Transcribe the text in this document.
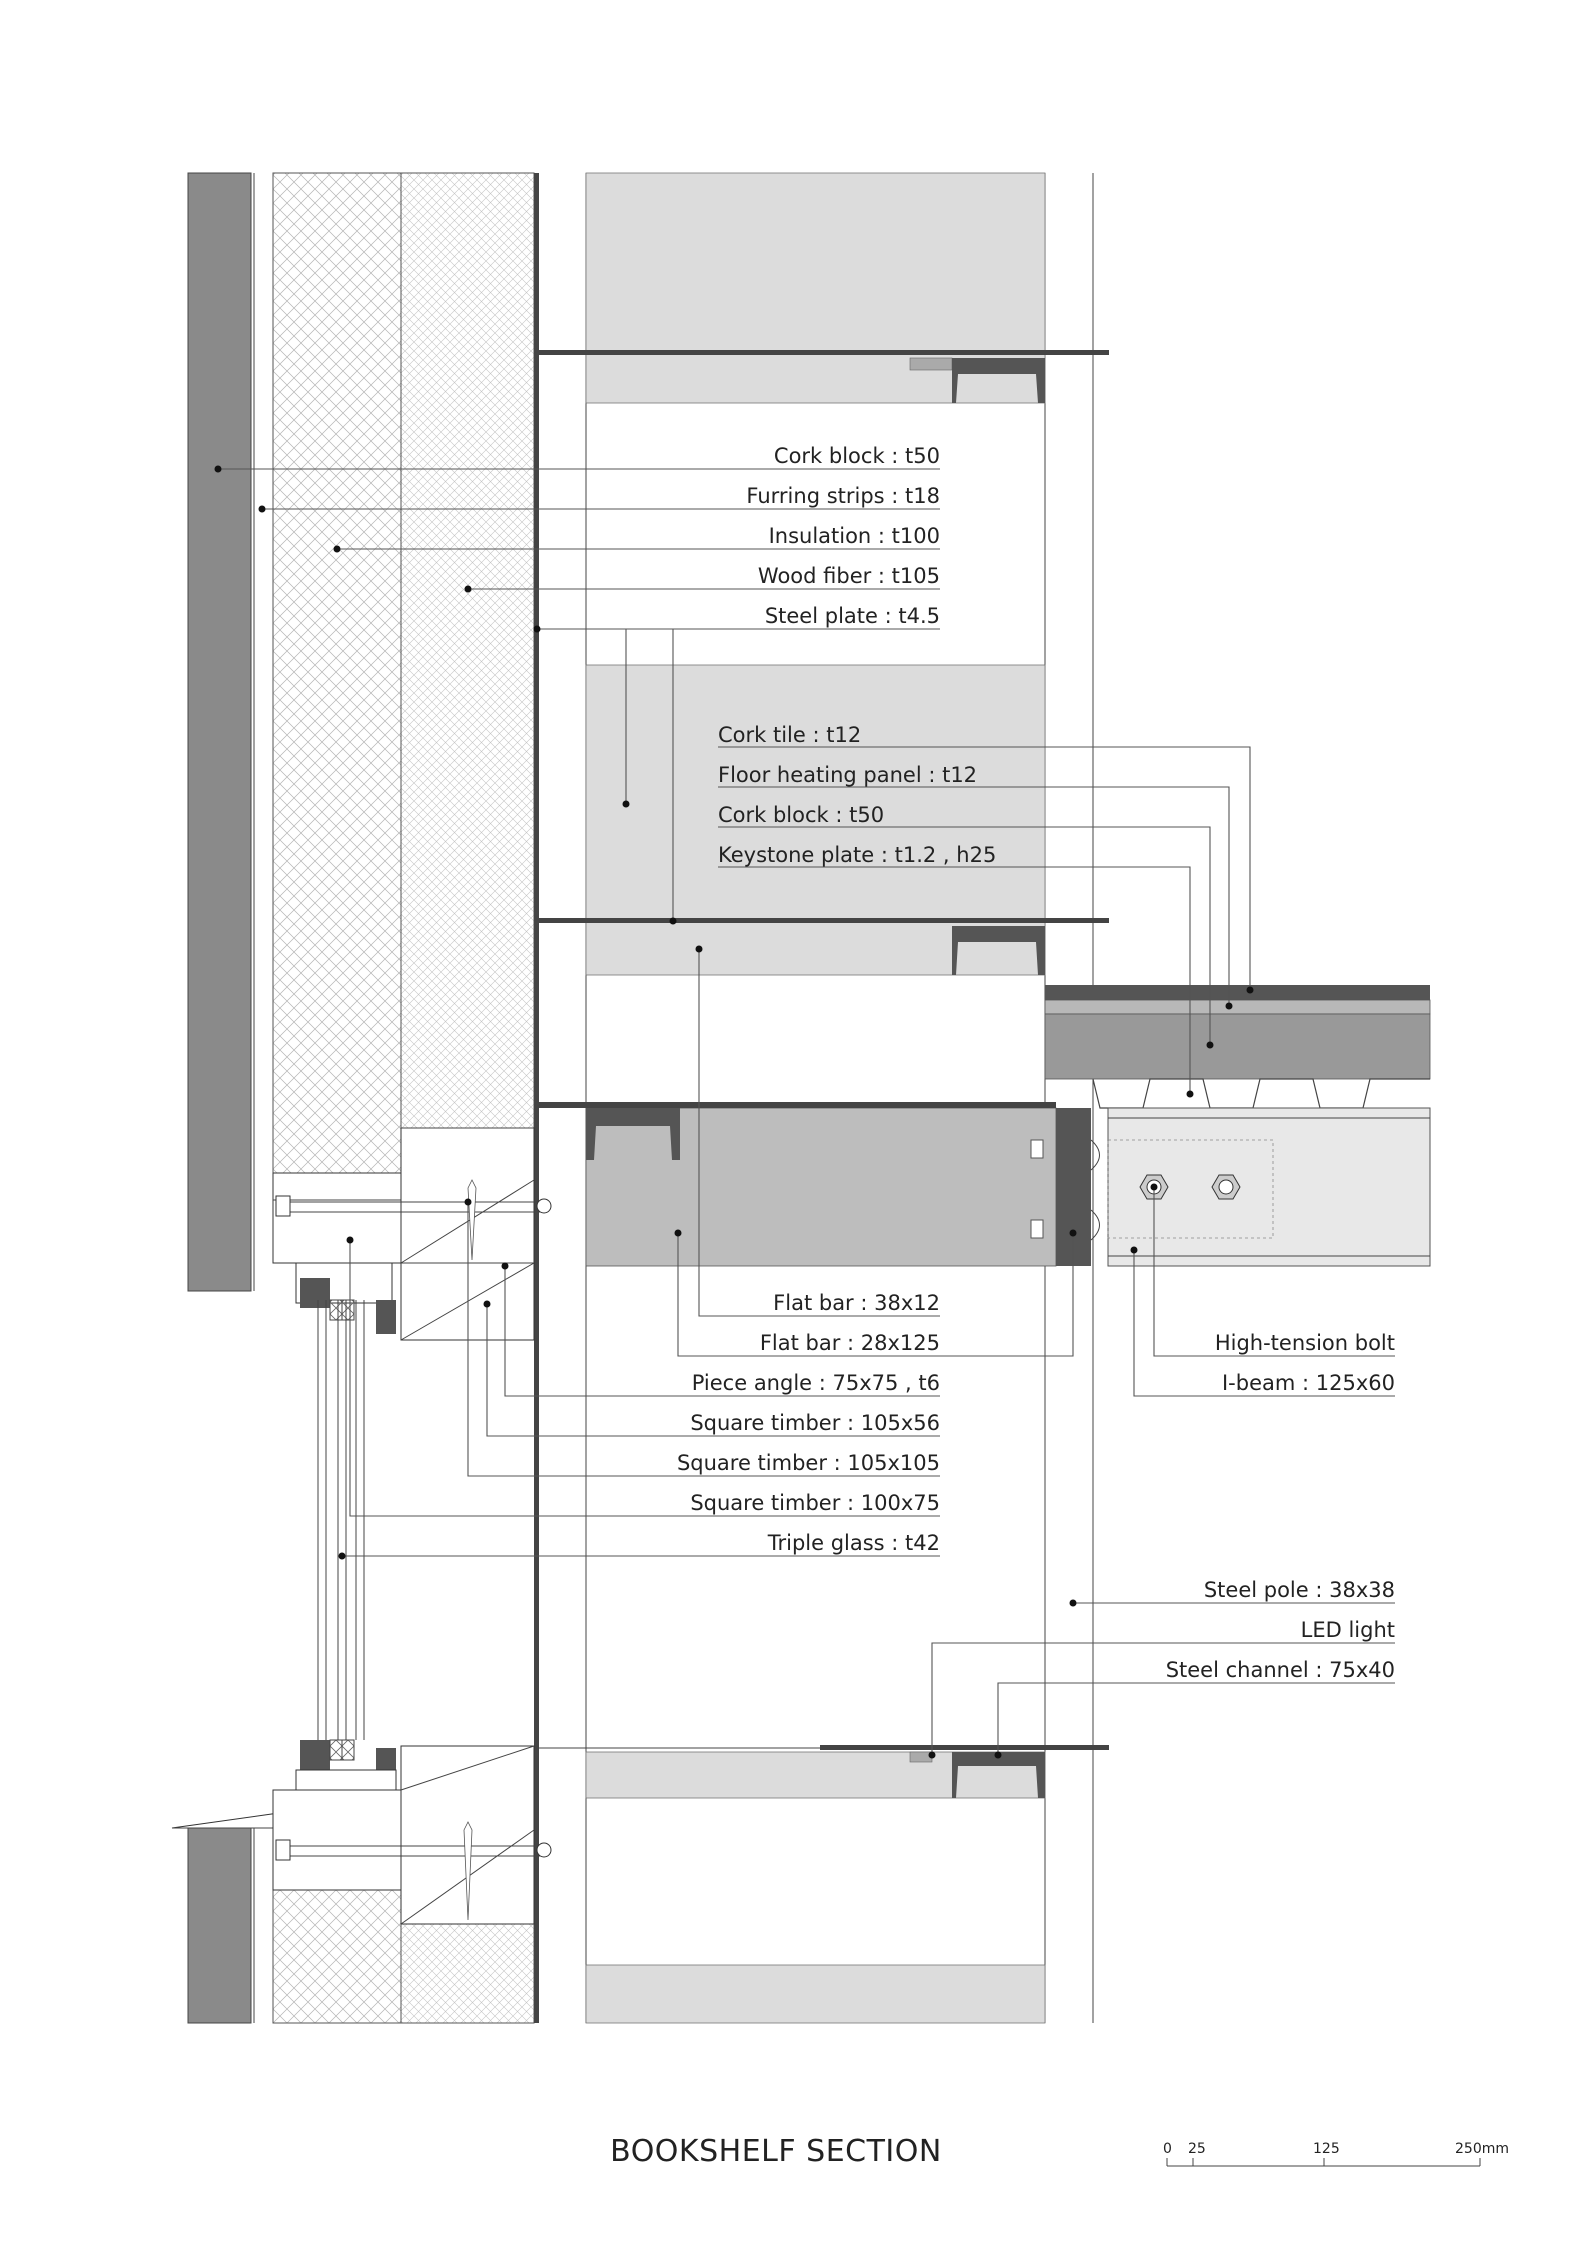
Cork block : t50
Furring strips : t18
Insulation : t100
Wood fiber : t105
Steel plate : t4.5
Cork tile : t12
Floor heating panel : t12
Cork block : t50
Keystone plate : t1.2 , h25
Flat bar : 38x12
Flat bar : 28x125
Piece angle : 75x75 , t6
Square timber : 105x56
Square timber : 105x105
Square timber : 100x75
Triple glass : t42
High-tension bolt
I-beam : 125x60
Steel pole : 38x38
LED light
Steel channel : 75x40
BOOKSHELF SECTION	0 25	125	250mm
